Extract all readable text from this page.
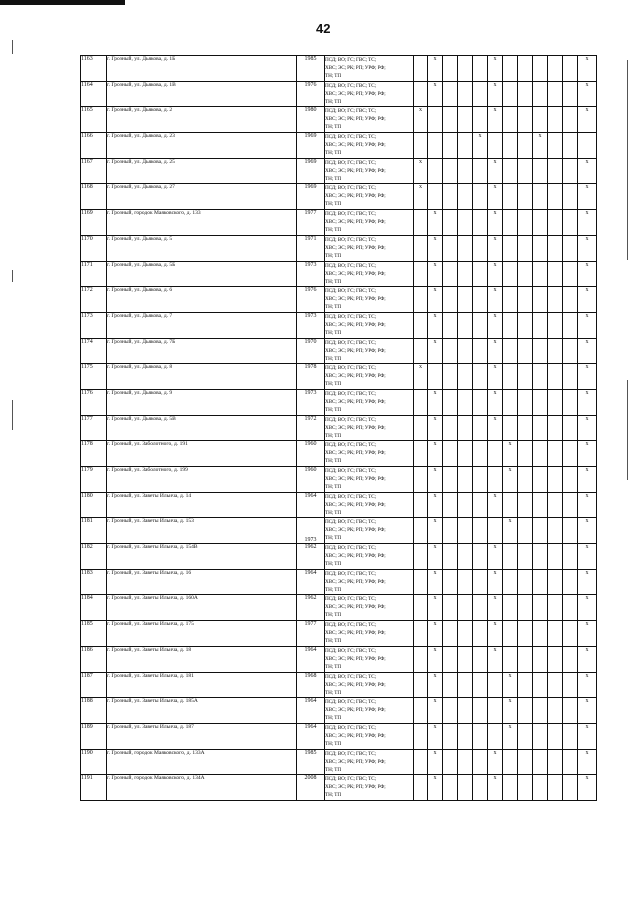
42
1163	г. Грозный, ул. Дьякова, д. 1Б	1985	ПСД; ВО; ГС; ГВС; ТС;
ХВС; ЭС; РК; РП; УРФ; РФ;
ТН; ТП		х				х						х
1164	г. Грозный, ул. Дьякова, д. 1В	1976	ПСД; ВО; ГС; ГВС; ТС;
ХВС; ЭС; РК; РП; УРФ; РФ;
ТН; ТП		х				х						х
1165	г. Грозный, ул. Дьякова, д. 2	1980	ПСД; ВО; ГС; ГВС; ТС;
ХВС; ЭС; РК; РП; УРФ; РФ;
ТН; ТП	х					х						х
1166	г. Грозный, ул. Дьякова, д. 23	1969	ПСД; ВО; ГС; ГВС; ТС;
ХВС; ЭС; РК; РП; УРФ; РФ;
ТН; ТП					х				х			
1167	г. Грозный, ул. Дьякова, д. 25	1969	ПСД; ВО; ГС; ГВС; ТС;
ХВС; ЭС; РК; РП; УРФ; РФ;
ТН; ТП	х					х						х
1168	г. Грозный, ул. Дьякова, д. 27	1969	ПСД; ВО; ГС; ГВС; ТС;
ХВС; ЭС; РК; РП; УРФ; РФ;
ТН; ТП	х					х						х
1169	г. Грозный, городок Маяковского, д. 133	1977	ПСД; ВО; ГС; ГВС; ТС;
ХВС; ЭС; РК; РП; УРФ; РФ;
ТН; ТП		х				х						х
1170	г. Грозный, ул. Дьякова, д. 5	1971	ПСД; ВО; ГС; ГВС; ТС;
ХВС; ЭС; РК; РП; УРФ; РФ;
ТН; ТП		х				х						х
1171	г. Грозный, ул. Дьякова, д. 5Б	1973	ПСД; ВО; ГС; ГВС; ТС;
ХВС; ЭС; РК; РП; УРФ; РФ;
ТН; ТП		х				х						х
1172	г. Грозный, ул. Дьякова, д. 6	1976	ПСД; ВО; ГС; ГВС; ТС;
ХВС; ЭС; РК; РП; УРФ; РФ;
ТН; ТП		х				х						х
1173	г. Грозный, ул. Дьякова, д. 7	1973	ПСД; ВО; ГС; ГВС; ТС;
ХВС; ЭС; РК; РП; УРФ; РФ;
ТН; ТП		х				х						х
1174	г. Грозный, ул. Дьякова, д. 7Б	1970	ПСД; ВО; ГС; ГВС; ТС;
ХВС; ЭС; РК; РП; УРФ; РФ;
ТН; ТП		х				х						х
1175	г. Грозный, ул. Дьякова, д. 8	1978	ПСД; ВО; ГС; ГВС; ТС;
ХВС; ЭС; РК; РП; УРФ; РФ;
ТН; ТП	х					х						х
1176	г. Грозный, ул. Дьякова, д. 9	1973	ПСД; ВО; ГС; ГВС; ТС;
ХВС; ЭС; РК; РП; УРФ; РФ;
ТН; ТП		х				х						х
1177	г. Грозный, ул. Дьякова, д. 5В	1972	ПСД; ВО; ГС; ГВС; ТС;
ХВС; ЭС; РК; РП; УРФ; РФ;
ТН; ТП		х				х						х
1178	г. Грозный, ул. Заболотного, д. 191	1960	ПСД; ВО; ГС; ГВС; ТС;
ХВС; ЭС; РК; РП; УРФ; РФ;
ТН; ТП		х					х					х
1179	г. Грозный, ул. Заболотного, д. 199	1960	ПСД; ВО; ГС; ГВС; ТС;
ХВС; ЭС; РК; РП; УРФ; РФ;
ТН; ТП		х					х					х
1180	г. Грозный, ул. Заветы Ильича, д. 14	1964	ПСД; ВО; ГС; ГВС; ТС;
ХВС; ЭС; РК; РП; УРФ; РФ;
ТН; ТП		х				х						х
1181	г. Грозный, ул. Заветы Ильича, д. 153	1973	ПСД; ВО; ГС; ГВС; ТС;
ХВС; ЭС; РК; РП; УРФ; РФ;
ТН; ТП		х					х					х
1182	г. Грозный, ул. Заветы Ильича, д. 154В	1962	ПСД; ВО; ГС; ГВС; ТС;
ХВС; ЭС; РК; РП; УРФ; РФ;
ТН; ТП		х				х						х
1183	г. Грозный, ул. Заветы Ильича, д. 16	1964	ПСД; ВО; ГС; ГВС; ТС;
ХВС; ЭС; РК; РП; УРФ; РФ;
ТН; ТП		х				х						х
1184	г. Грозный, ул. Заветы Ильича, д. 160А	1962	ПСД; ВО; ГС; ГВС; ТС;
ХВС; ЭС; РК; РП; УРФ; РФ;
ТН; ТП		х				х						х
1185	г. Грозный, ул. Заветы Ильича, д. 175	1977	ПСД; ВО; ГС; ГВС; ТС;
ХВС; ЭС; РК; РП; УРФ; РФ;
ТН; ТП		х				х						х
1186	г. Грозный, ул. Заветы Ильича, д. 18	1964	ПСД; ВО; ГС; ГВС; ТС;
ХВС; ЭС; РК; РП; УРФ; РФ;
ТН; ТП		х				х						х
1187	г. Грозный, ул. Заветы Ильича, д. 181	1968	ПСД; ВО; ГС; ГВС; ТС;
ХВС; ЭС; РК; РП; УРФ; РФ;
ТН; ТП		х					х					х
1188	г. Грозный, ул. Заветы Ильича, д. 185А	1964	ПСД; ВО; ГС; ГВС; ТС;
ХВС; ЭС; РК; РП; УРФ; РФ;
ТН; ТП		х					х					х
1189	г. Грозный, ул. Заветы Ильича, д. 187	1964	ПСД; ВО; ГС; ГВС; ТС;
ХВС; ЭС; РК; РП; УРФ; РФ;
ТН; ТП		х					х					х
1190	г. Грозный, городок Маяковского, д. 133А	1985	ПСД; ВО; ГС; ГВС; ТС;
ХВС; ЭС; РК; РП; УРФ; РФ;
ТН; ТП		х				х						х
1191	г. Грозный, городок Маяковского, д. 134А	2008	ПСД; ВО; ГС; ГВС; ТС;
ХВС; ЭС; РК; РП; УРФ; РФ;
ТН; ТП		х				х						х
